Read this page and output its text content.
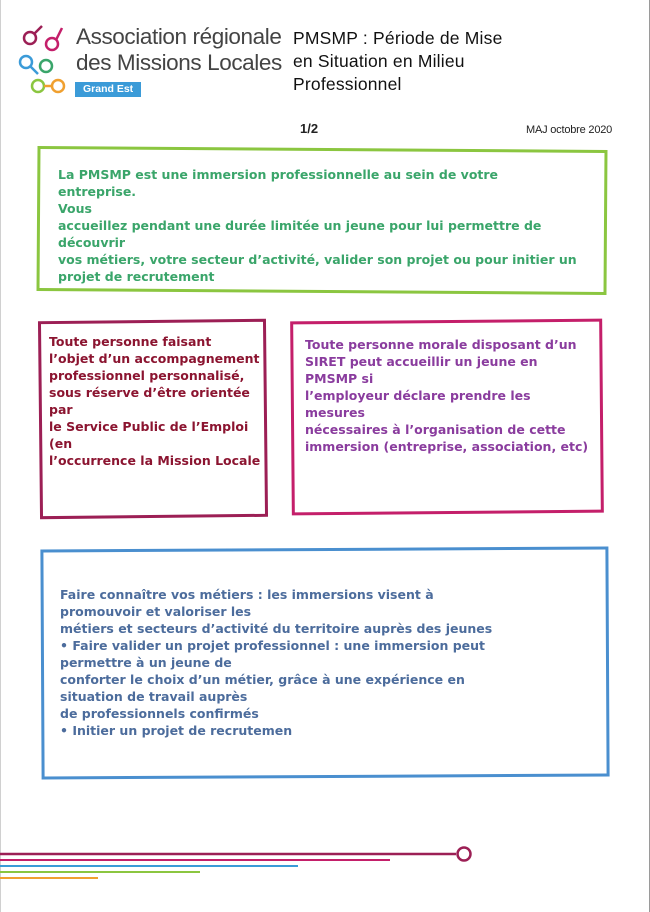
Association régionale
des Missions Locales
Grand Est
PMSMP : Période de Mise
en Situation en Milieu
Professionnel
1/2	MAJ octobre 2020
La PMSMP est une immersion professionnelle au sein de votre entreprise.
Vous
accueillez pendant une durée limitée un jeune pour lui permettre de
découvrir
vos métiers, votre secteur d’activité, valider son projet ou pour initier un
projet de recrutement
Toute personne faisant
l’objet d’un accompagnement
professionnel personnalisé,
sous réserve d’être orientée
par
le Service Public de l’Emploi
(en
l’occurrence la Mission Locale
Toute personne morale disposant d’un
SIRET peut accueillir un jeune en
PMSMP si
l’employeur déclare prendre les
mesures
nécessaires à l’organisation de cette
immersion (entreprise, association, etc)
Faire connaître vos métiers : les immersions visent à
promouvoir et valoriser les
métiers et secteurs d’activité du territoire auprès des jeunes
• Faire valider un projet professionnel : une immersion peut
permettre à un jeune de
conforter le choix d’un métier, grâce à une expérience en
situation de travail auprès
de professionnels confirmés
• Initier un projet de recrutemen
